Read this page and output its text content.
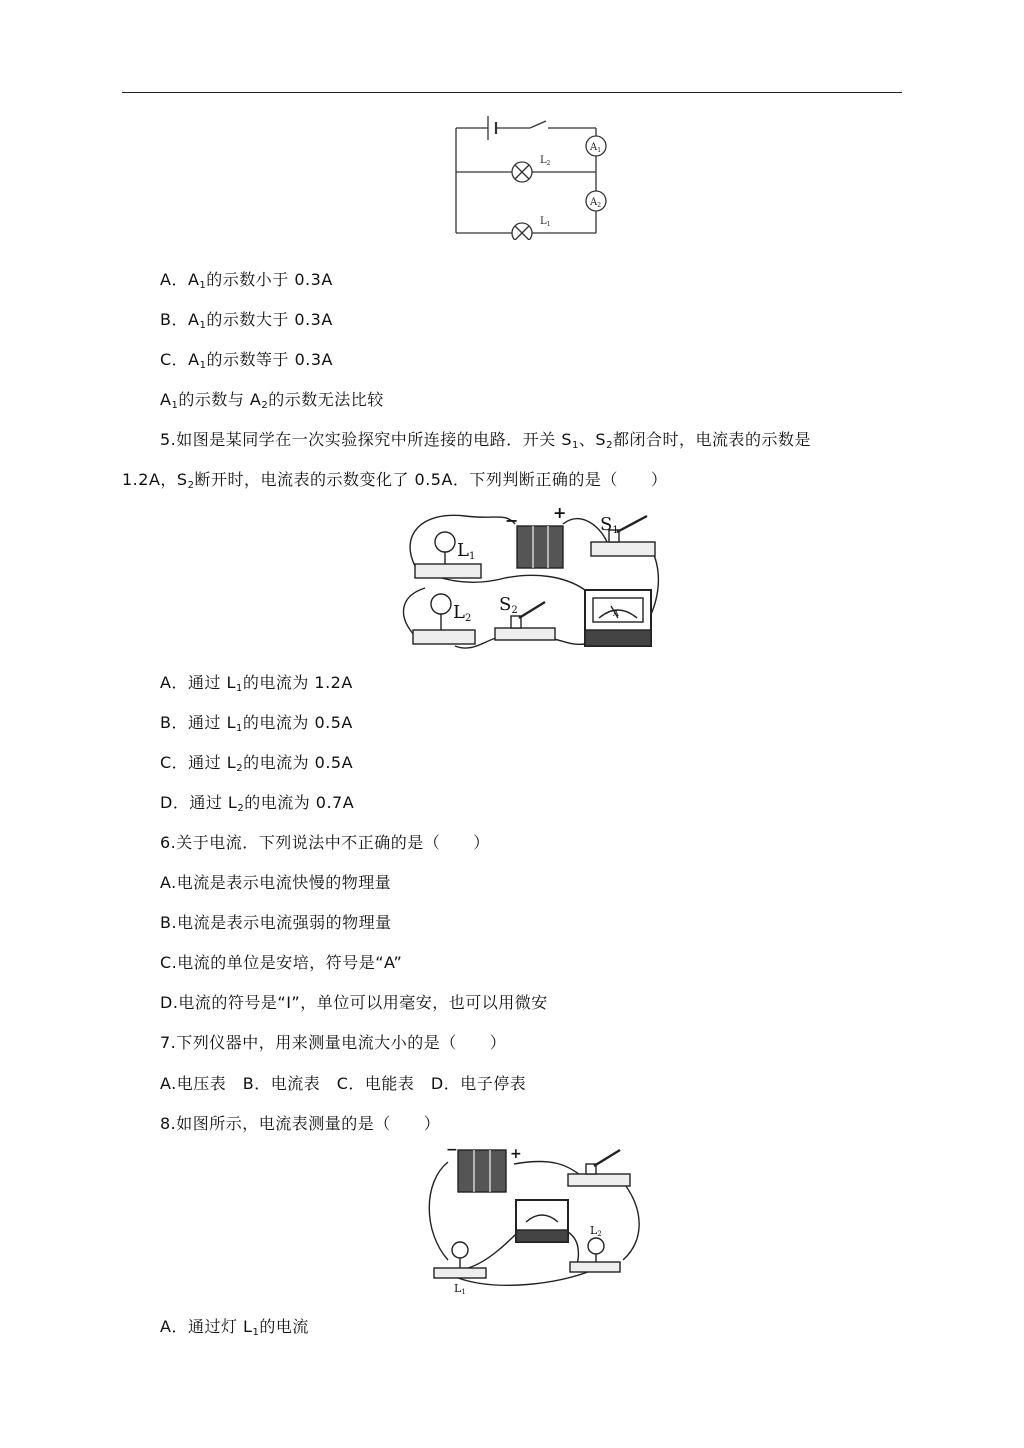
$A_1$
$A_2$
$L_2$
$L_1$
A．$A_1$的示数小于 0.3A
B．$A_1$的示数大于 0.3A
C．$A_1$的示数等于 0.3A
$A_1$的示数与 $A_2$的示数无法比较
5.如图是某同学在一次实验探究中所连接的电路．开关 $S_1$、$S_2$都闭合时，电流表的示数是
1.2A，$S_2$断开时，电流表的示数变化了 0.5A．下列判断正确的是（　　）
− +
L1
L2
S1
S2	A
A．通过 $L_1$的电流为 1.2A
B．通过 $L_1$的电流为 0.5A
C．通过 $L_2$的电流为 0.5A
D．通过 $L_2$的电流为 0.7A
6.关于电流．下列说法中不正确的是（　　）
A.电流是表示电流快慢的物理量
B.电流是表示电流强弱的物理量
C.电流的单位是安培，符号是“A”
D.电流的符号是“I”，单位可以用毫安，也可以用微安
7.下列仪器中，用来测量电流大小的是（　　）
A.电压表　B．电流表　C．电能表　D．电子停表
8.如图所示，电流表测量的是（　　）
−	+
L1
L2
A．通过灯 $L_1$的电流
